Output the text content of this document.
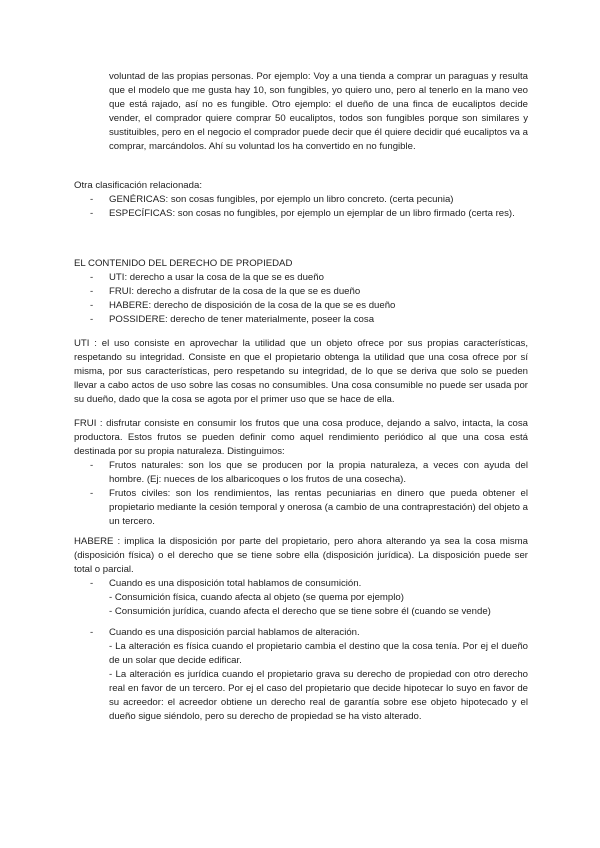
voluntad de las propias personas. Por ejemplo: Voy a una tienda a comprar un paraguas y resulta que el modelo que me gusta hay 10, son fungibles, yo quiero uno, pero al tenerlo en la mano veo que está rajado, así no es fungible. Otro ejemplo: el dueño de una finca de eucaliptos decide vender, el comprador quiere comprar 50 eucaliptos, todos son fungibles porque son similares y sustituibles, pero en el negocio el comprador puede decir que él quiere decidir qué eucaliptos va a comprar, marcándolos. Ahí su voluntad los ha convertido en no fungible.

Otra clasificación relacionada:

- GENÉRICAS: son cosas fungibles, por ejemplo un libro concreto. (certa pecunia)
- ESPECÍFICAS: son cosas no fungibles, por ejemplo un ejemplar de un libro firmado (certa res).

EL CONTENIDO DEL DERECHO DE PROPIEDAD

- UTI: derecho a usar la cosa de la que se es dueño
- FRUI: derecho a disfrutar de la cosa de la que se es dueño
- HABERE: derecho de disposición de la cosa de la que se es dueño
- POSSIDERE: derecho de tener materialmente, poseer la cosa

UTI : el uso consiste en aprovechar la utilidad que un objeto ofrece por sus propias características, respetando su integridad. Consiste en que el propietario obtenga la utilidad que una cosa ofrece por sí misma, por sus características, pero respetando su integridad, de lo que se deriva que solo se pueden llevar a cabo actos de uso sobre las cosas no consumibles. Una cosa consumible no puede ser usada por su dueño, dado que la cosa se agota por el primer uso que se hace de ella.

FRUI : disfrutar consiste en consumir los frutos que una cosa produce, dejando a salvo, intacta, la cosa productora. Estos frutos se pueden definir como aquel rendimiento periódico al que una cosa está destinada por su propia naturaleza. Distinguimos:

- Frutos naturales: son los que se producen por la propia naturaleza, a veces con ayuda del hombre. (Ej: nueces de los albaricoques o los frutos de una cosecha).
- Frutos civiles: son los rendimientos, las rentas pecuniarias en dinero que pueda obtener el propietario mediante la cesión temporal y onerosa (a cambio de una contraprestación) del objeto a un tercero.

HABERE : implica la disposición por parte del propietario, pero ahora alterando ya sea la cosa misma (disposición física) o el derecho que se tiene sobre ella (disposición jurídica). La disposición puede ser total o parcial.

- Cuando es una disposición total hablamos de consumición.
- Consumición física, cuando afecta al objeto (se quema por ejemplo)
- Consumición jurídica, cuando afecta el derecho que se tiene sobre él (cuando se vende)
- Cuando es una disposición parcial hablamos de alteración.
- La alteración es física cuando el propietario cambia el destino que la cosa tenía. Por ej el dueño de un solar que decide edificar.
- La alteración es jurídica cuando el propietario grava su derecho de propiedad con otro derecho real en favor de un tercero. Por ej el caso del propietario que decide hipotecar lo suyo en favor de su acreedor: el acreedor obtiene un derecho real de garantía sobre ese objeto hipotecado y el dueño sigue siéndolo, pero su derecho de propiedad se ha visto alterado.
